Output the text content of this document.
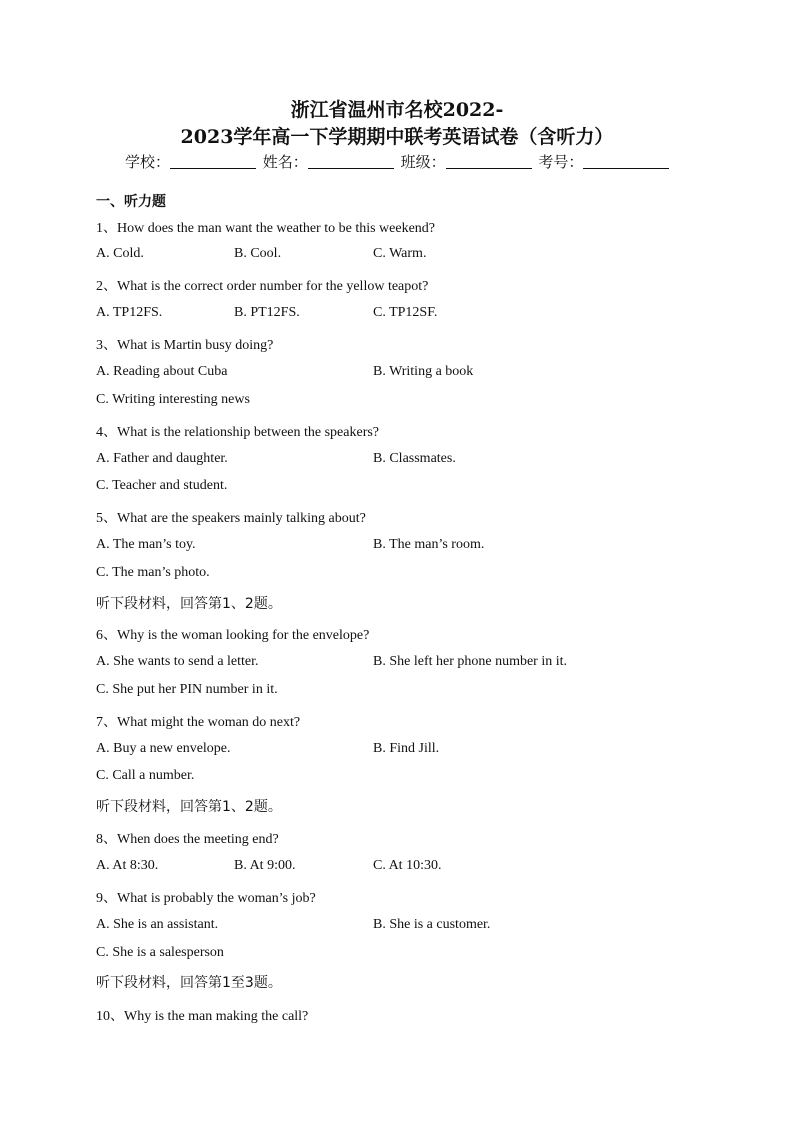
浙江省温州市名校2022-
2023学年高一下学期期中联考英语试卷（含听力）
学校：	姓名：	班级：	考号：
一、听力题
1、How does the man want the weather to be this weekend?
A. Cold.	B. Cool.	C. Warm.
2、What is the correct order number for the yellow teapot?
A. TP12FS.	B. PT12FS.	C. TP12SF.
3、What is Martin busy doing?
A. Reading about Cuba	B. Writing a book
C. Writing interesting news
4、What is the relationship between the speakers?
A. Father and daughter.	B. Classmates.
C. Teacher and student.
5、What are the speakers mainly talking about?
A. The man’s toy.	B. The man’s room.
C. The man’s photo.
听下段材料，回答第1、2题。
6、Why is the woman looking for the envelope?
A. She wants to send a letter.	B. She left her phone number in it.
C. She put her PIN number in it.
7、What might the woman do next?
A. Buy a new envelope.	B. Find Jill.
C. Call a number.
听下段材料，回答第1、2题。
8、When does the meeting end?
A. At 8:30.	B. At 9:00.	C. At 10:30.
9、What is probably the woman’s job?
A. She is an assistant.	B. She is a customer.
C. She is a salesperson
听下段材料，回答第1至3题。
10、Why is the man making the call?
